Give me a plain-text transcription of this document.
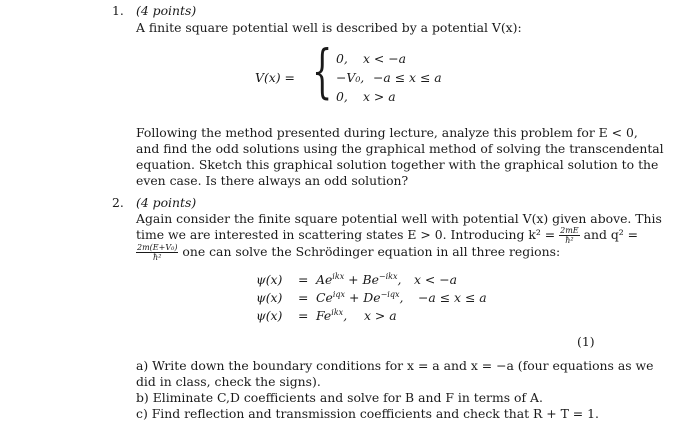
1. (4 points)
A finite square potential well is described by a potential V(x):
V(x) = { 0, x < −a
−V₀, −a ≤ x ≤ a
0, x > a
Following the method presented during lecture, analyze this problem for E < 0,
and find the odd solutions using the graphical method of solving the transcendental
equation. Sketch this graphical solution together with the graphical solution to the
even case. Is there always an odd solution?
2. (4 points)
Again consider the finite square potential well with potential V(x) given above. This
time we are interested in scattering states E > 0. Introducing $k^2 = \frac{2mE}{\text{ħ²}}$ and q² =
$\frac{\text{2m(E+V₀)}}{\text{ħ²}}$ one can solve the Schrödinger equation in all three regions:
$\psi(x) = Ae^{ikx} + Be^{-ikx}$, x < −a
$\psi(x) = Ce^{iqx} + De^{-iqx}$, −a ≤ x ≤ a
$\psi(x) = Fe^{ikx}$, x > a
(1)
a) Write down the boundary conditions for x = a and x = −a (four equations as we
did in class, check the signs).
b) Eliminate C,D coefficients and solve for B and F in terms of A.
c) Find reflection and transmission coefficients and check that R + T = 1.
